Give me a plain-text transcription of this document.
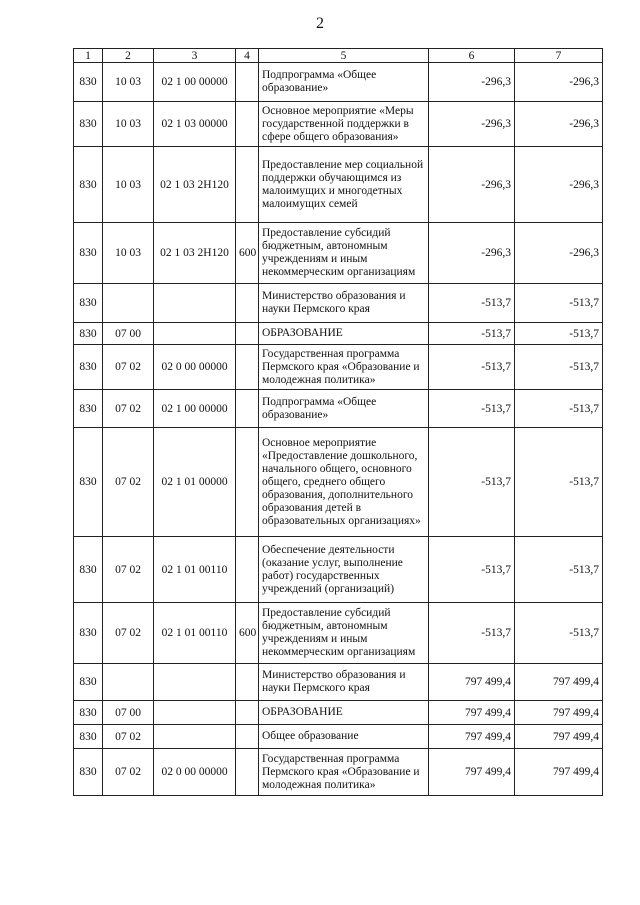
2
1	2	3	4	5	6	7
830	10 03	02 1 00 00000		Подпрограмма «Общее образование»	-296,3	-296,3
830	10 03	02 1 03 00000		Основное мероприятие «Меры государственной поддержки в сфере общего образования»	-296,3	-296,3
830	10 03	02 1 03 2Н120		Предоставление мер социальной поддержки обучающимся из малоимущих и многодетных малоимущих семей	-296,3	-296,3
830	10 03	02 1 03 2Н120	600	Предоставление субсидий бюджетным, автономным учреждениям и иным некоммерческим организациям	-296,3	-296,3
830				Министерство образования и науки Пермского края	-513,7	-513,7
830	07 00			ОБРАЗОВАНИЕ	-513,7	-513,7
830	07 02	02 0 00 00000		Государственная программа Пермского края «Образование и молодежная политика»	-513,7	-513,7
830	07 02	02 1 00 00000		Подпрограмма «Общее образование»	-513,7	-513,7
830	07 02	02 1 01 00000		Основное мероприятие «Предоставление дошкольного, начального общего, основного общего, среднего общего образования, дополнительного образования детей в образовательных организациях»	-513,7	-513,7
830	07 02	02 1 01 00110		Обеспечение деятельности (оказание услуг, выполнение работ) государственных учреждений (организаций)	-513,7	-513,7
830	07 02	02 1 01 00110	600	Предоставление субсидий бюджетным, автономным учреждениям и иным некоммерческим организациям	-513,7	-513,7
830				Министерство образования и науки Пермского края	797 499,4	797 499,4
830	07 00			ОБРАЗОВАНИЕ	797 499,4	797 499,4
830	07 02			Общее образование	797 499,4	797 499,4
830	07 02	02 0 00 00000		Государственная программа Пермского края «Образование и молодежная политика»	797 499,4	797 499,4
